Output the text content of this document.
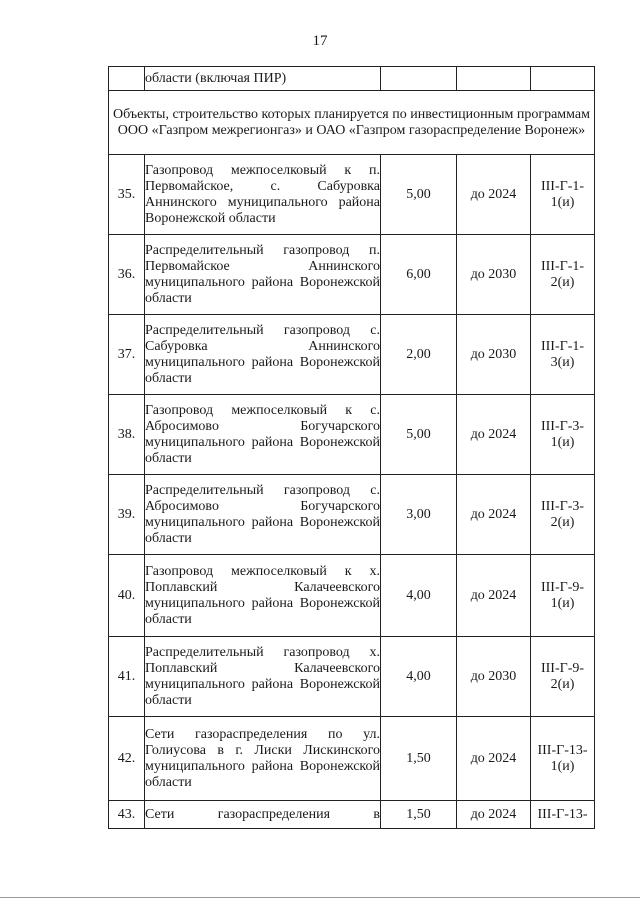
17
	области (включая ПИР)			
Объекты, строительство которых планируется по инвестиционным программам ООО «Газпром межрегионгаз» и ОАО «Газпром газораспределение Воронеж»				
35.	Газопровод межпоселковый к п. Первомайское, с. Сабуровка Аннинского муниципального района Воронежской области	5,00	до 2024	III-Г-1-1(и)
36.	Распределительный газопровод п. Первомайское Аннинского муниципального района Воронежской области	6,00	до 2030	III-Г-1-2(и)
37.	Распределительный газопровод с. Сабуровка Аннинского муниципального района Воронежской области	2,00	до 2030	III-Г-1-3(и)
38.	Газопровод межпоселковый к с. Абросимово Богучарского муниципального района Воронежской области	5,00	до 2024	III-Г-3-1(и)
39.	Распределительный газопровод с. Абросимово Богучарского муниципального района Воронежской области	3,00	до 2024	III-Г-3-2(и)
40.	Газопровод межпоселковый к х. Поплавский Калачеевского муниципального района Воронежской области	4,00	до 2024	III-Г-9-1(и)
41.	Распределительный газопровод х. Поплавский Калачеевского муниципального района Воронежской области	4,00	до 2030	III-Г-9-2(и)
42.	Сети газораспределения по ул. Голиусова в г. Лиски Лискинского муниципального района Воронежской области	1,50	до 2024	III-Г-13-1(и)
43.	Сети газораспределения в	1,50	до 2024	III-Г-13-
